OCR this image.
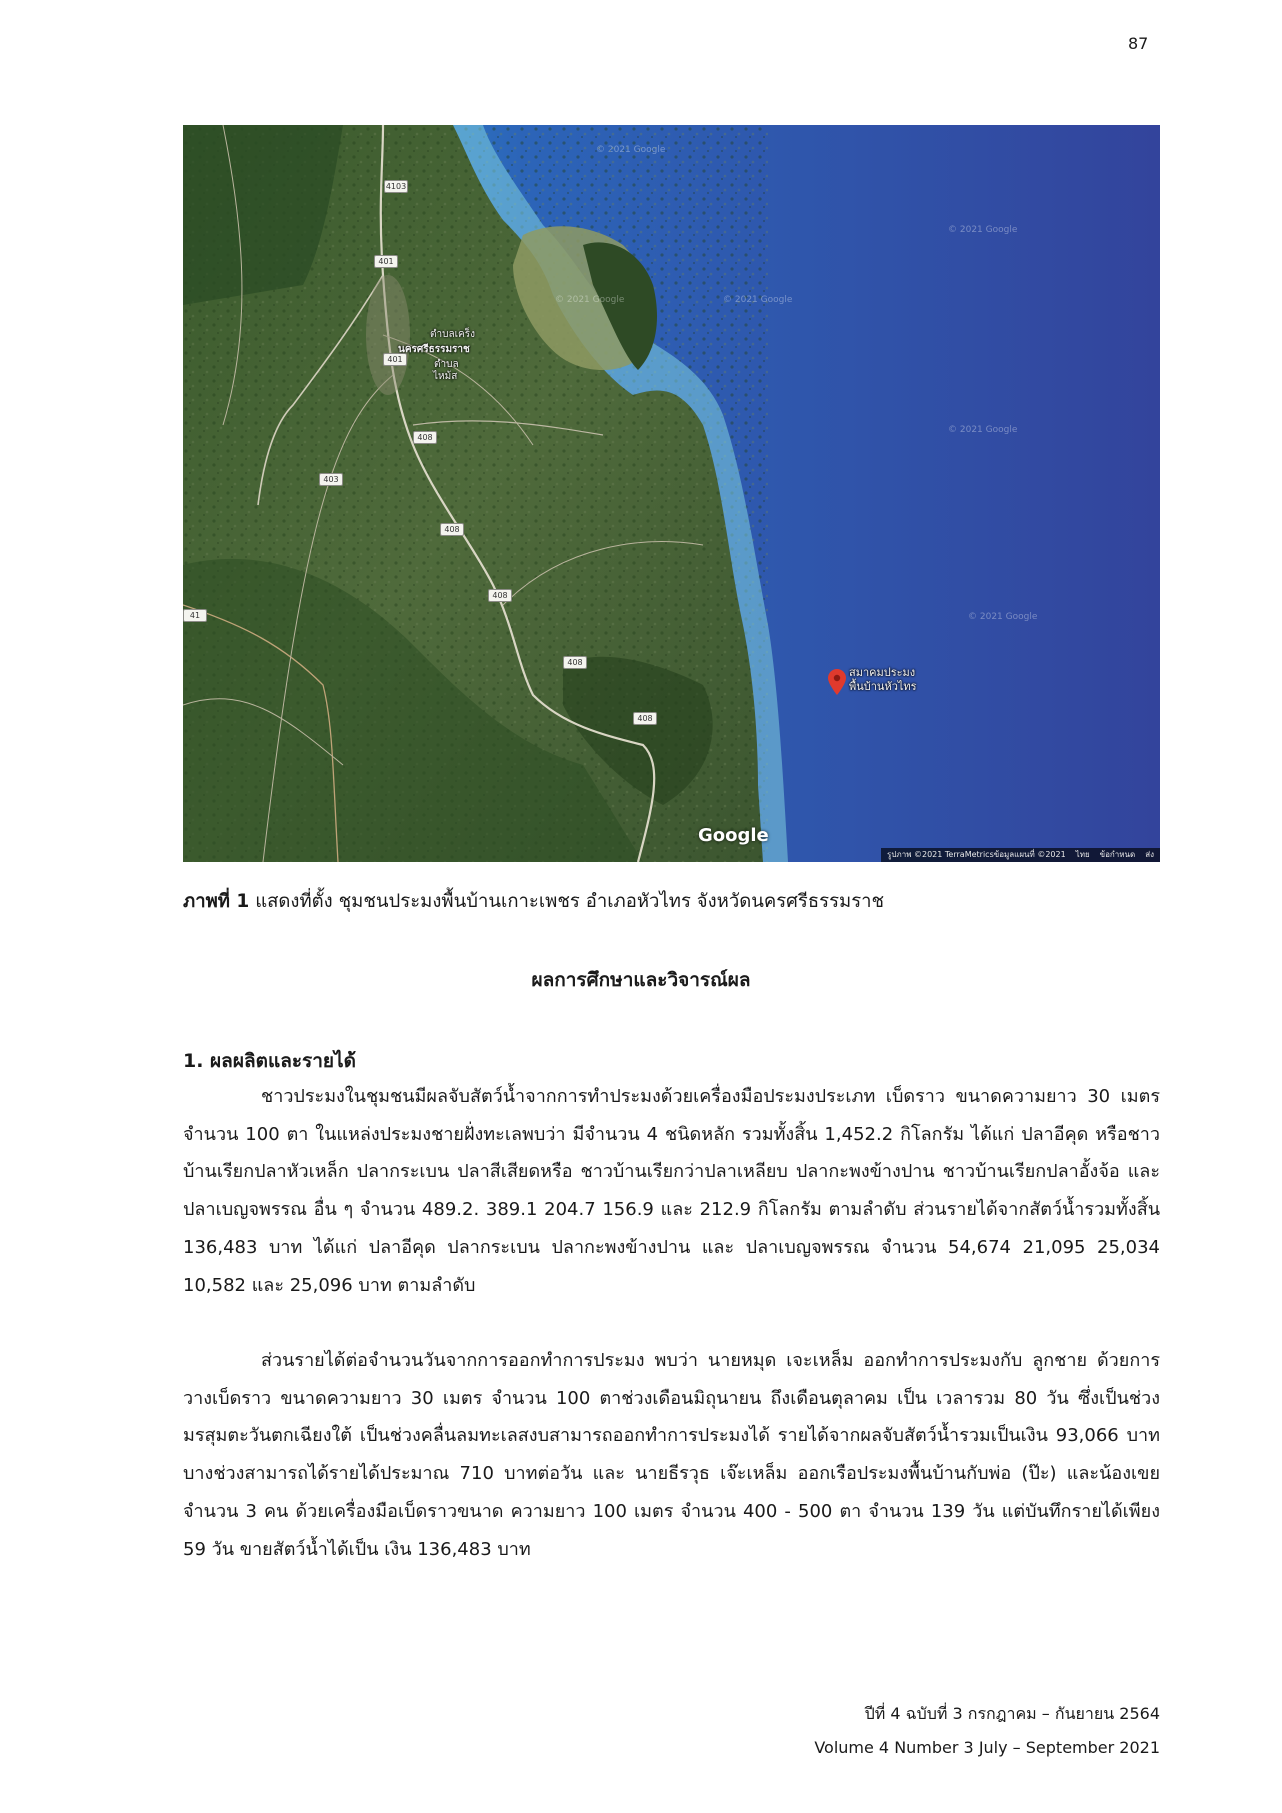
87
4103
401
401
408
403
408
408
408
408
41
ตำบลเคร็ง
นครศรีธรรมราช
ตำบล
ไหม้ส
© 2021 Google
© 2021 Google
© 2021 Google
© 2021 Google
© 2021 Google
© 2021 Google
สมาคมประมง
พื้นบ้านหัวไทร
Google
รูปภาพ ©2021 TerraMetricsข้อมูลแผนที่ ©2021 ไทย ข้อกำหนด ส่ง
ภาพที่ 1 แสดงที่ตั้ง ชุมชนประมงพื้นบ้านเกาะเพชร อำเภอหัวไทร จังหวัดนครศรีธรรมราช
ผลการศึกษาและวิจารณ์ผล
1. ผลผลิตและรายได้

ชาวประมงในชุมชนมีผลจับสัตว์น้ำจากการทำประมงด้วยเครื่องมือประมงประเภท เบ็ดราว ขนาดความยาว 30 เมตร จำนวน 100 ตา ในแหล่งประมงชายฝั่งทะเลพบว่า มีจำนวน 4 ชนิดหลัก รวมทั้งสิ้น 1,452.2 กิโลกรัม ได้แก่ ปลาอีคุด หรือชาวบ้านเรียกปลาหัวเหล็ก ปลากระเบน ปลาสีเสียดหรือ ชาวบ้านเรียกว่าปลาเหลียบ ปลากะพงข้างปาน ชาวบ้านเรียกปลาอั้งจ้อ และปลาเบญจพรรณ อื่น ๆ จำนวน 489.2. 389.1 204.7 156.9 และ 212.9 กิโลกรัม ตามลำดับ ส่วนรายได้จากสัตว์น้ำรวมทั้งสิ้น 136,483 บาท ได้แก่ ปลาอีคุด ปลากระเบน ปลากะพงข้างปาน และ ปลาเบญจพรรณ จำนวน 54,674 21,095 25,034 10,582 และ 25,096 บาท ตามลำดับ

ส่วนรายได้ต่อจำนวนวันจากการออกทำการประมง พบว่า นายหมุด เจะเหล็ม ออกทำการประมงกับ ลูกชาย ด้วยการวางเบ็ดราว ขนาดความยาว 30 เมตร จำนวน 100 ตาช่วงเดือนมิถุนายน ถึงเดือนตุลาคม เป็น เวลารวม 80 วัน ซึ่งเป็นช่วงมรสุมตะวันตกเฉียงใต้ เป็นช่วงคลื่นลมทะเลสงบสามารถออกทำการประมงได้ รายได้จากผลจับสัตว์น้ำรวมเป็นเงิน 93,066 บาท บางช่วงสามารถได้รายได้ประมาณ 710 บาทต่อวัน และ นายธีรวุธ เจ๊ะเหล็ม ออกเรือประมงพื้นบ้านกับพ่อ (ป๊ะ) และน้องเขย จำนวน 3 คน ด้วยเครื่องมือเบ็ดราวขนาด ความยาว 100 เมตร จำนวน 400 - 500 ตา จำนวน 139 วัน แต่บันทึกรายได้เพียง 59 วัน ขายสัตว์น้ำได้เป็น เงิน 136,483 บาท

ปีที่ 4 ฉบับที่ 3 กรกฎาคม – กันยายน 2564
Volume 4 Number 3 July – September 2021
